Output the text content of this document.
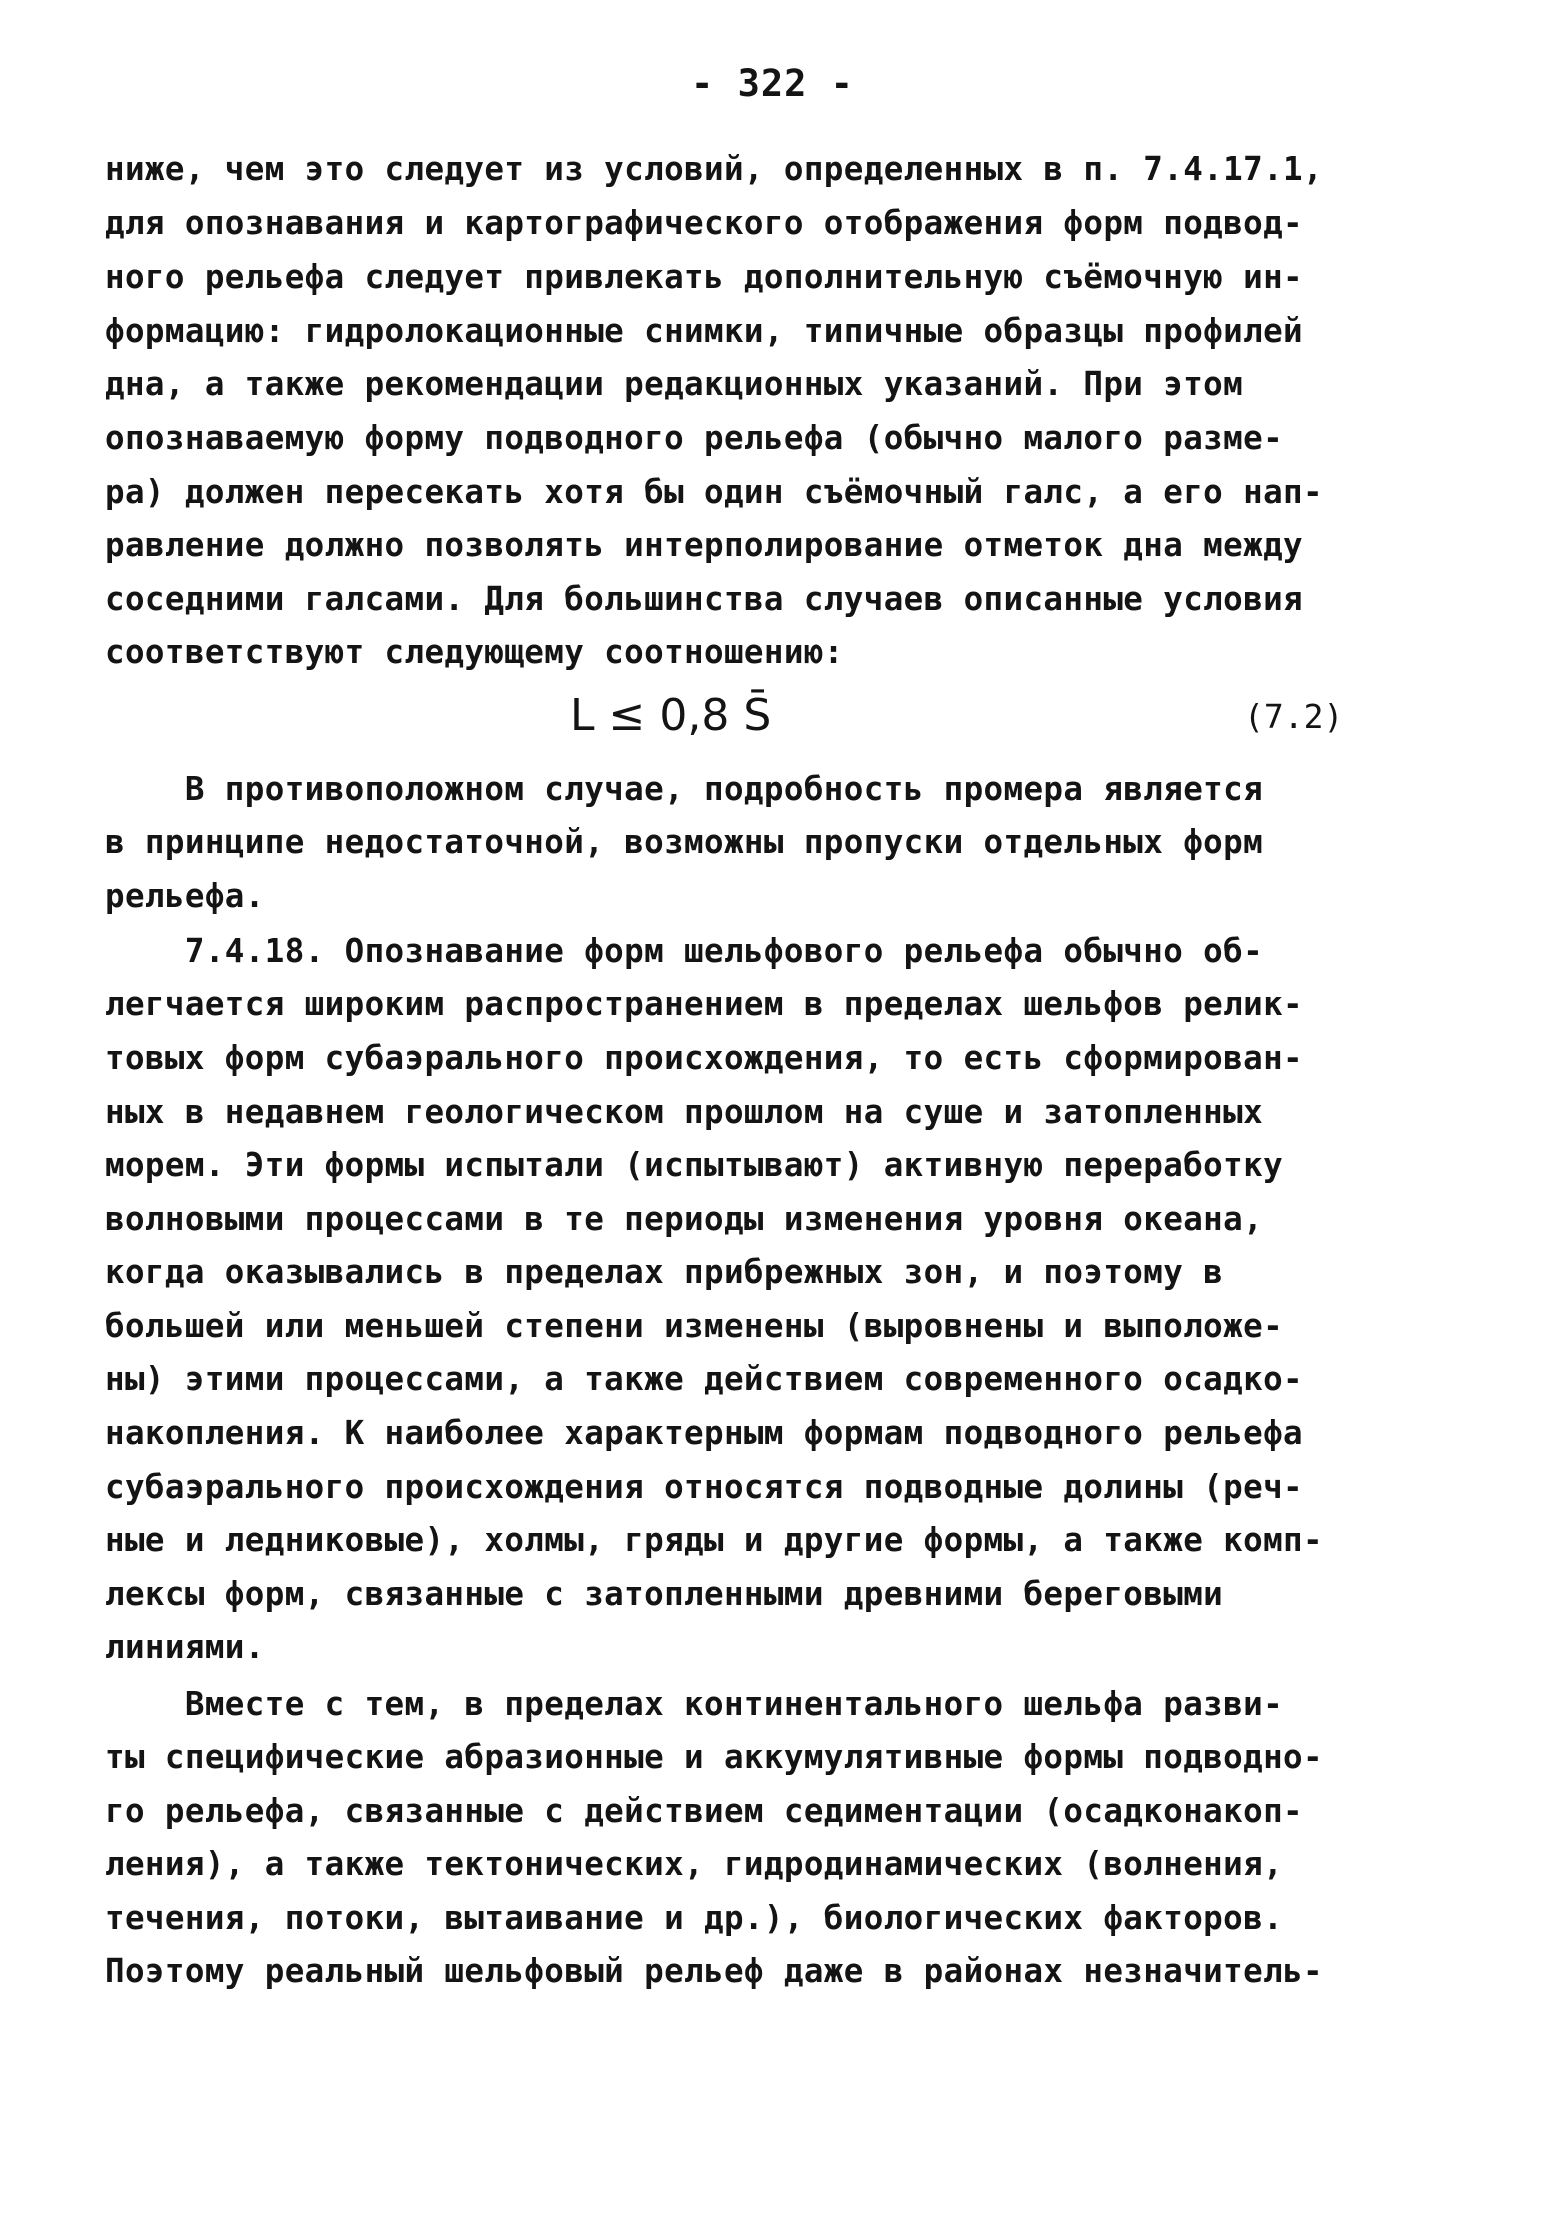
- 322 -
ниже, чем это следует из условий, определенных в п. 7.4.17.1,
для опознавания и картографического отображения форм подвод-
ного рельефа следует привлекать дополнительную съёмочную ин-
формацию: гидролокационные снимки, типичные образцы профилей
дна, а также рекомендации редакционных указаний. При этом
опознаваемую форму подводного рельефа (обычно малого разме-
ра) должен пересекать хотя бы один съёмочный галс, а его нап-
равление должно позволять интерполирование отметок дна между
соседними галсами. Для большинства случаев описанные условия
соответствуют следующему соотношению:
L ≤ 0,8 S̄	(7.2)
В противоположном случае, подробность промера является
в принципе недостаточной, возможны пропуски отдельных форм
рельефа.
7.4.18. Опознавание форм шельфового рельефа обычно об-
легчается широким распространением в пределах шельфов релик-
товых форм субаэрального происхождения, то есть сформирован-
ных в недавнем геологическом прошлом на суше и затопленных
морем. Эти формы испытали (испытывают) активную переработку
волновыми процессами в те периоды изменения уровня океана,
когда оказывались в пределах прибрежных зон, и поэтому в
большей или меньшей степени изменены (выровнены и выположе-
ны) этими процессами, а также действием современного осадко-
накопления. К наиболее характерным формам подводного рельефа
субаэрального происхождения относятся подводные долины (реч-
ные и ледниковые), холмы, гряды и другие формы, а также комп-
лексы форм, связанные с затопленными древними береговыми
линиями.
Вместе с тем, в пределах континентального шельфа разви-
ты специфические абразионные и аккумулятивные формы подводно-
го рельефа, связанные с действием седиментации (осадконакоп-
ления), а также тектонических, гидродинамических (волнения,
течения, потоки, вытаивание и др.), биологических факторов.
Поэтому реальный шельфовый рельеф даже в районах незначитель-
